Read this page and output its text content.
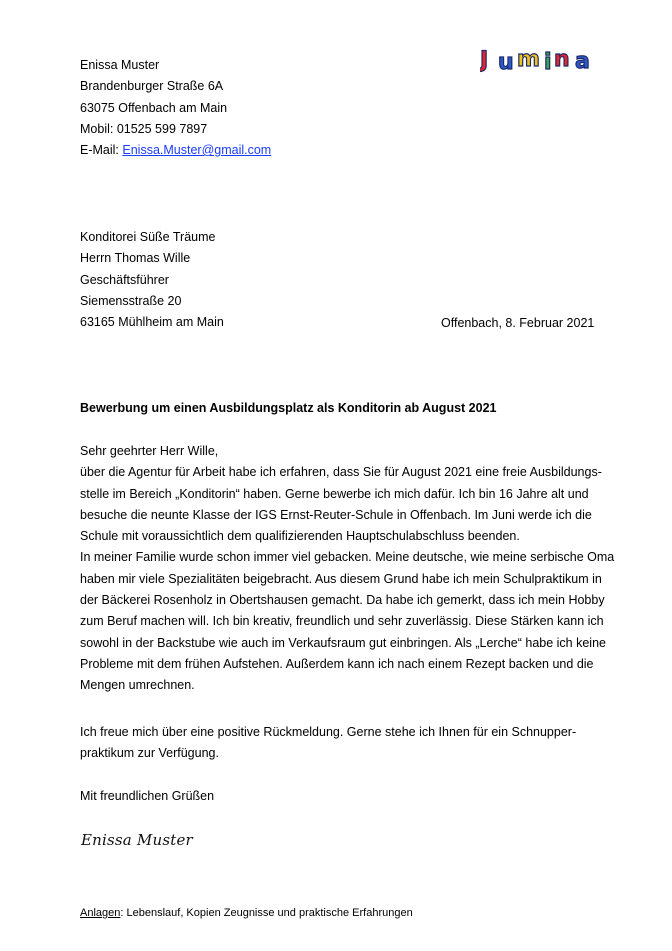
J u m i n a
Enissa Muster
Brandenburger Straße 6A
63075 Offenbach am Main
Mobil: 01525 599 7897
E-Mail: Enissa.Muster@gmail.com
Konditorei Süße Träume
Herrn Thomas Wille
Geschäftsführer
Siemensstraße 20
63165 Mühlheim am Main	Offenbach, 8. Februar 2021
Bewerbung um einen Ausbildungsplatz als Konditorin ab August 2021
Sehr geehrter Herr Wille,
über die Agentur für Arbeit habe ich erfahren, dass Sie für August 2021 eine freie Ausbildungs-
stelle im Bereich „Konditorin“ haben. Gerne bewerbe ich mich dafür. Ich bin 16 Jahre alt und
besuche die neunte Klasse der IGS Ernst-Reuter-Schule in Offenbach. Im Juni werde ich die
Schule mit voraussichtlich dem qualifizierenden Hauptschulabschluss beenden.
In meiner Familie wurde schon immer viel gebacken. Meine deutsche, wie meine serbische Oma
haben mir viele Spezialitäten beigebracht. Aus diesem Grund habe ich mein Schulpraktikum in
der Bäckerei Rosenholz in Obertshausen gemacht. Da habe ich gemerkt, dass ich mein Hobby
zum Beruf machen will. Ich bin kreativ, freundlich und sehr zuverlässig. Diese Stärken kann ich
sowohl in der Backstube wie auch im Verkaufsraum gut einbringen. Als „Lerche“ habe ich keine
Probleme mit dem frühen Aufstehen. Außerdem kann ich nach einem Rezept backen und die
Mengen umrechnen.
Ich freue mich über eine positive Rückmeldung. Gerne stehe ich Ihnen für ein Schnupper-
praktikum zur Verfügung.
Mit freundlichen Grüßen
Enissa Muster
Anlagen: Lebenslauf, Kopien Zeugnisse und praktische Erfahrungen
